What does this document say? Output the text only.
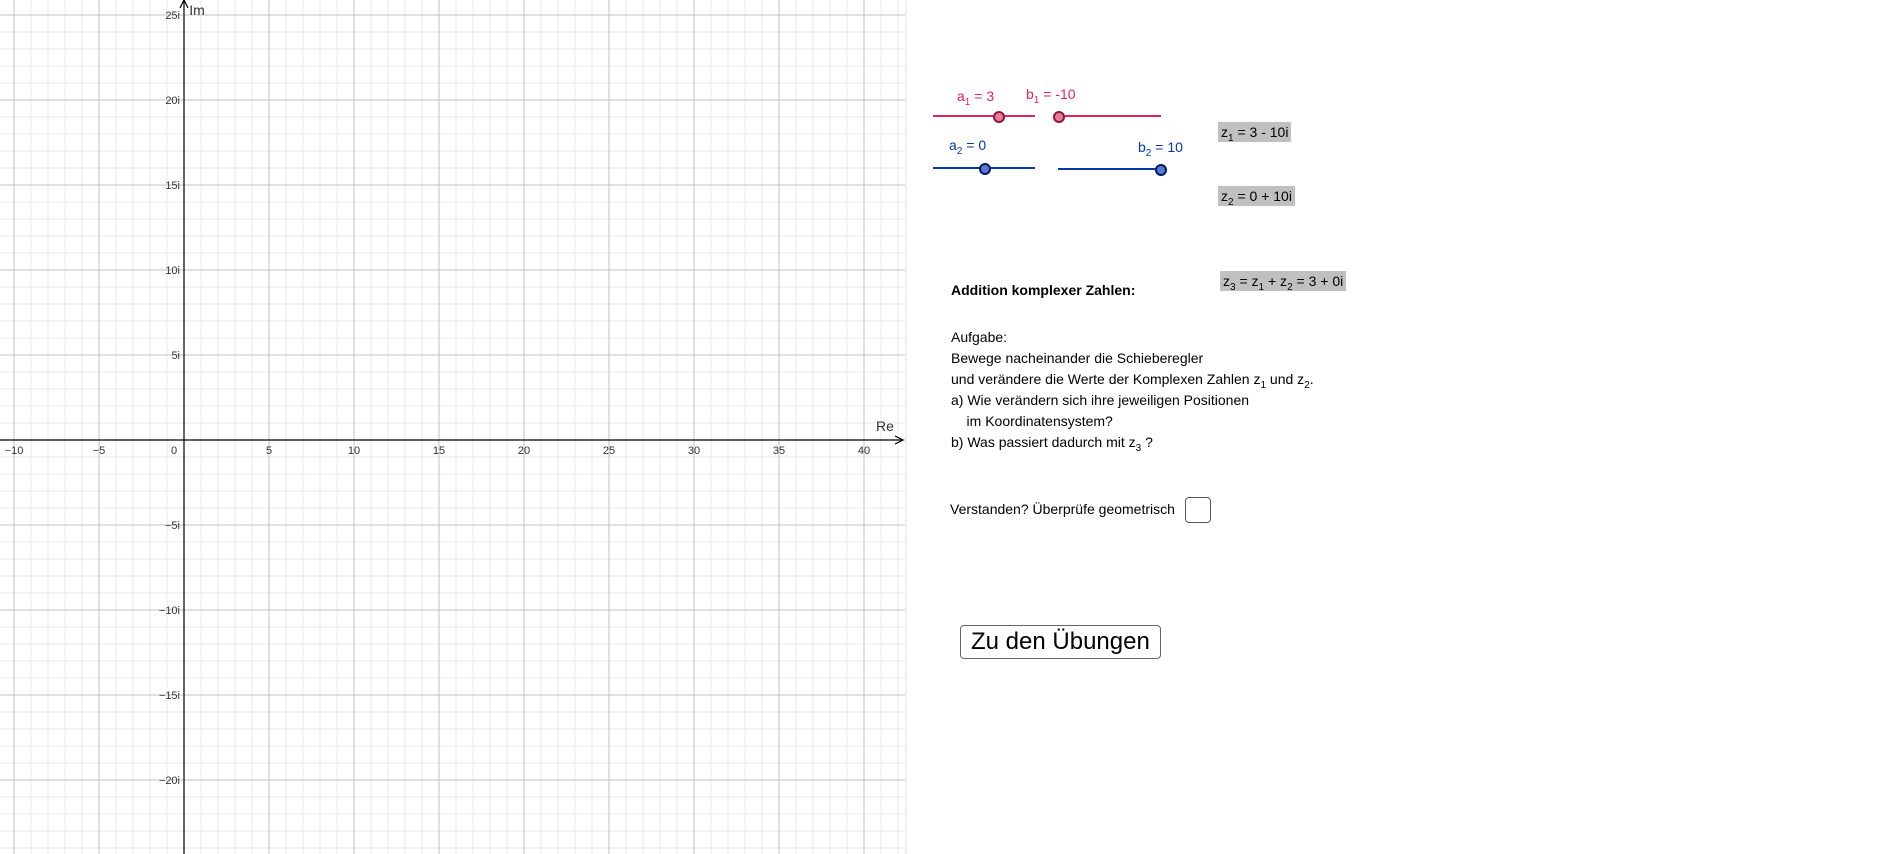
Re
Im
−10	−5	0	5	10	15	20	25	30	35	40
25i
20i
15i
10i
5i
−5i
−10i
−15i
−20i
$a_1 = 3$ $b_1 = -10$
$a_2 = 0$	$b_2 = 10$
$z_1 = 3 - 10i$
$z_2 = 0 + 10i$
$z_3 = z_1 + z_2 = 3 + 0i$
Addition komplexer Zahlen:
Aufgabe:
Bewege nacheinander die Schieberegler
und verändere die Werte der Komplexen Zahlen $z_1$ und $z_2$.
a) Wie verändern sich ihre jeweiligen Positionen
im Koordinatensystem?
b) Was passiert dadurch mit $z_3$ ?
Verstanden? Überprüfe geometrisch
Zu den Übungen
